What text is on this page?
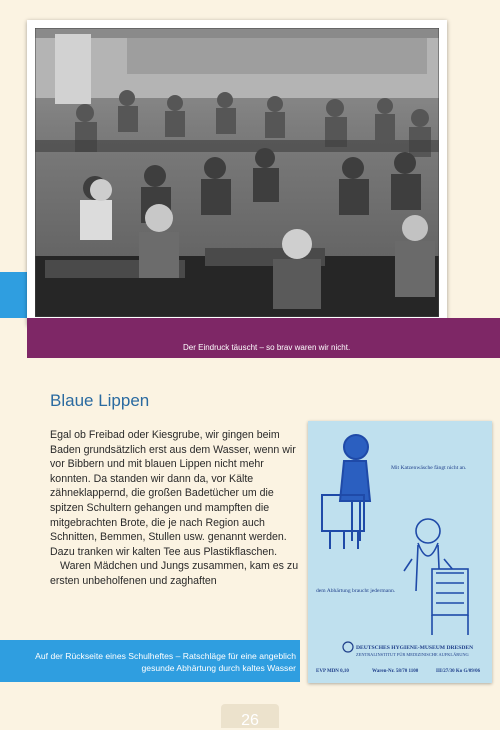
Der Eindruck täuscht – so brav waren wir nicht.
Blaue Lippen

Egal ob Freibad oder Kiesgrube, wir gingen beim Baden grundsätzlich erst aus dem Wasser, wenn wir vor Bibbern und mit blauen Lippen nicht mehr konnten. Da standen wir dann da, vor Kälte zähneklappernd, die großen Badetücher um die spitzen Schultern gehangen und mampften die mitgebrachten Brote, die je nach Region auch Schnitten, Bemmen, Stullen usw. genannt werden. Dazu tranken wir kalten Tee aus Plastikflaschen.

Waren Mädchen und Jungs zusammen, kam es zu ersten unbeholfenen und zaghaften

Mit Katzenwäsche fängt nicht an.
dem Abhärtung braucht jedermann.
DEUTSCHES HYGIENE-MUSEUM DRESDEN
ZENTRALINSTITUT FÜR MEDIZINISCHE AUFKLÄRUNG
EVP MDN 0,10	Waren-Nr. 58/70 1100	III/27/30 Ko G/09/06
Auf der Rückseite eines Schulheftes – Ratschläge für eine angeblich gesunde Abhärtung durch kaltes Wasser
26
